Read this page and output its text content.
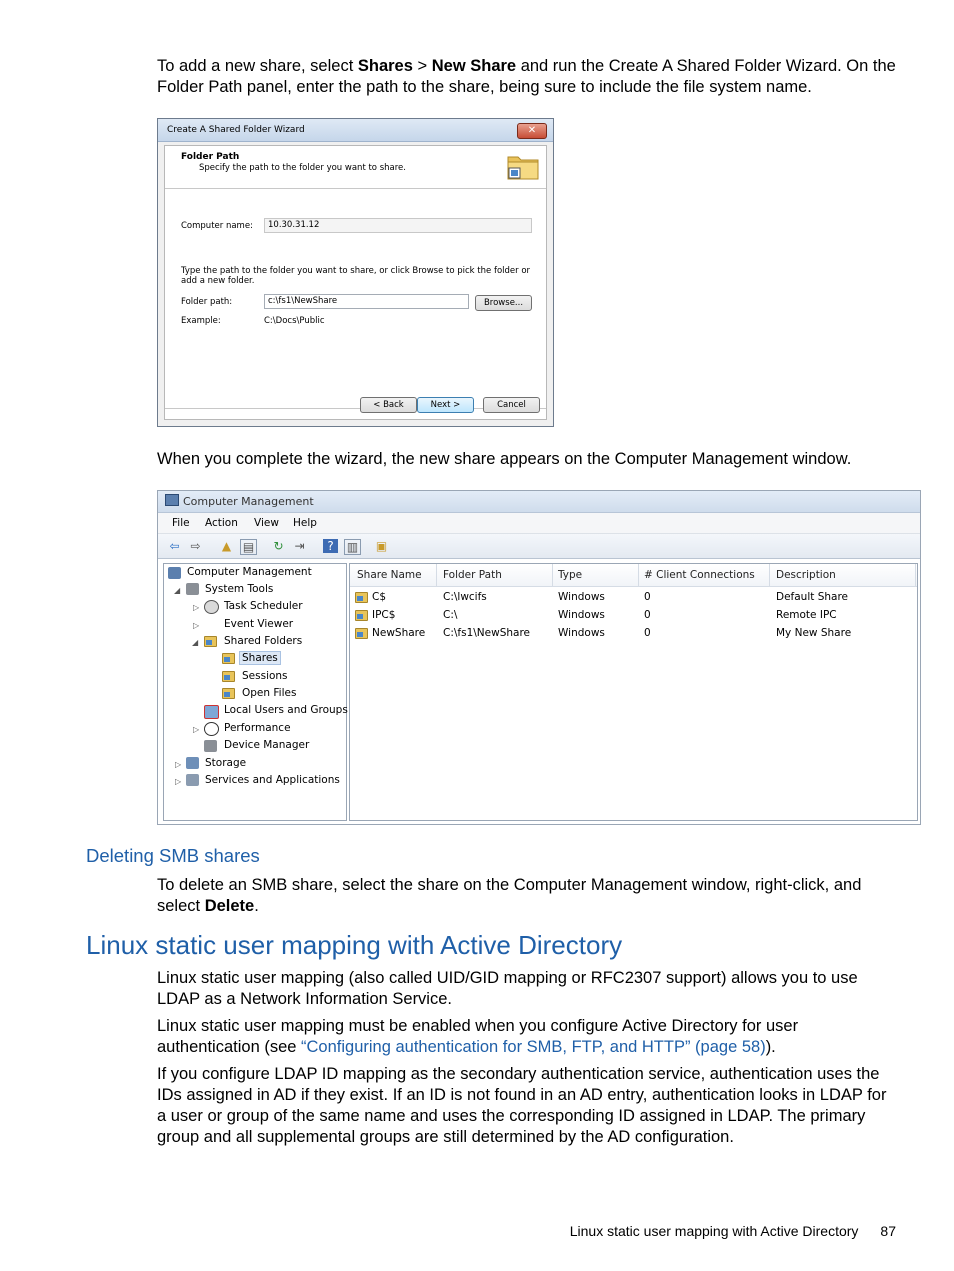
To add a new share, select Shares > New Share and run the Create A Shared Folder Wizard. On the Folder Path panel, enter the path to the share, being sure to include the file system name.
Create A Shared Folder Wizard	✕
Folder Path
Specify the path to the folder you want to share.
Computer name:	10.30.31.12
Type the path to the folder you want to share, or click Browse to pick the folder or add a new folder.
Folder path:	c:\fs1\NewShare	Browse...
Example:	C:\Docs\Public
< Back	Next >	Cancel
When you complete the wizard, the new share appears on the Computer Management window.
Computer Management
File Action View Help
⇦ ⇨ ▲ ▤ ↻ ⇥	?	▥ ▣
Computer Management
◢ System Tools
▷ Task Scheduler
▷ Event Viewer
◢ Shared Folders
Shares
Sessions
Open Files
Local Users and Groups
▷ Performance
Device Manager
▷ Storage
▷ Services and Applications
Share Name Folder Path	Type	# Client Connections Description
C$	C:\lwcifs	Windows	0	Default Share
IPC$	C:\	Windows	0	Remote IPC
NewShare C:\fs1\NewShare	Windows	0	My New Share
Deleting SMB shares
To delete an SMB share, select the share on the Computer Management window, right-click, and select Delete.
Linux static user mapping with Active Directory
Linux static user mapping (also called UID/GID mapping or RFC2307 support) allows you to use LDAP as a Network Information Service.
Linux static user mapping must be enabled when you configure Active Directory for user authentication (see “Configuring authentication for SMB, FTP, and HTTP” (page 58)).
If you configure LDAP ID mapping as the secondary authentication service, authentication uses the IDs assigned in AD if they exist. If an ID is not found in an AD entry, authentication looks in LDAP for a user or group of the same name and uses the corresponding ID assigned in LDAP. The primary group and all supplemental groups are still determined by the AD configuration.
Linux static user mapping with Active Directory 87
